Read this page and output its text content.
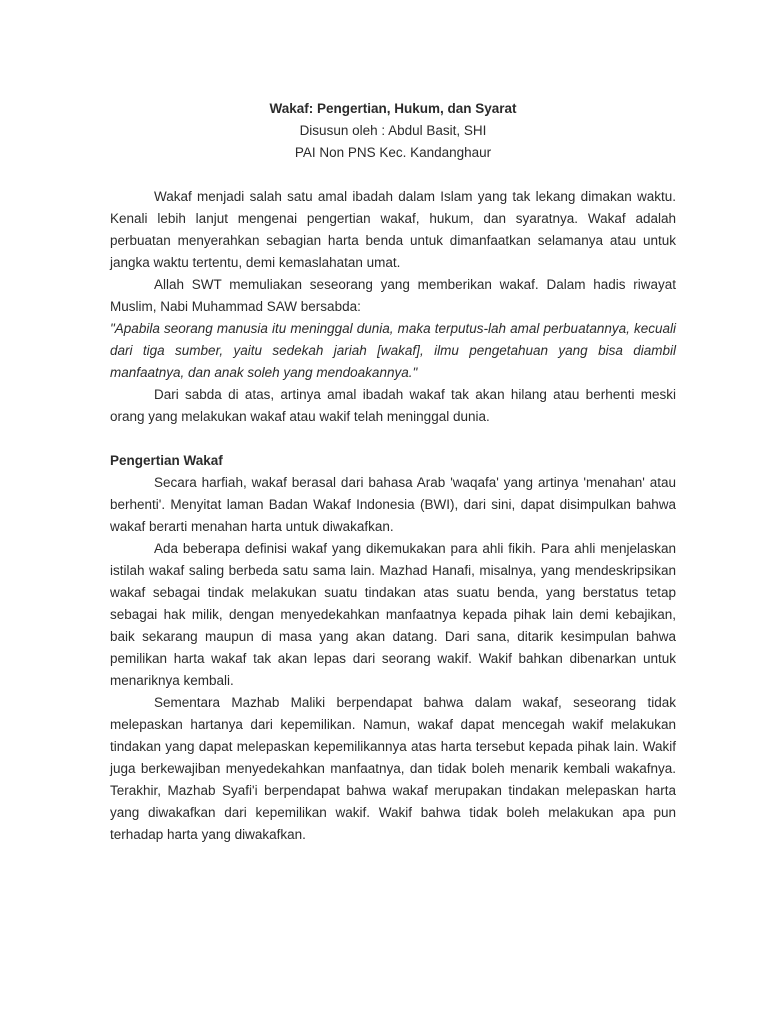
Wakaf: Pengertian, Hukum, dan Syarat
Disusun oleh : Abdul Basit, SHI
PAI Non PNS Kec. Kandanghaur

Wakaf menjadi salah satu amal ibadah dalam Islam yang tak lekang dimakan waktu. Kenali lebih lanjut mengenai pengertian wakaf, hukum, dan syaratnya. Wakaf adalah perbuatan menyerahkan sebagian harta benda untuk dimanfaatkan selamanya atau untuk jangka waktu tertentu, demi kemaslahatan umat.

Allah SWT memuliakan seseorang yang memberikan wakaf. Dalam hadis riwayat Muslim, Nabi Muhammad SAW bersabda:

"Apabila seorang manusia itu meninggal dunia, maka terputus-lah amal perbuatannya, kecuali dari tiga sumber, yaitu sedekah jariah [wakaf], ilmu pengetahuan yang bisa diambil manfaatnya, dan anak soleh yang mendoakannya."

Dari sabda di atas, artinya amal ibadah wakaf tak akan hilang atau berhenti meski orang yang melakukan wakaf atau wakif telah meninggal dunia.

Pengertian Wakaf

Secara harfiah, wakaf berasal dari bahasa Arab 'waqafa' yang artinya 'menahan' atau berhenti'. Menyitat laman Badan Wakaf Indonesia (BWI), dari sini, dapat disimpulkan bahwa wakaf berarti menahan harta untuk diwakafkan.

Ada beberapa definisi wakaf yang dikemukakan para ahli fikih. Para ahli menjelaskan istilah wakaf saling berbeda satu sama lain. Mazhad Hanafi, misalnya, yang mendeskripsikan wakaf sebagai tindak melakukan suatu tindakan atas suatu benda, yang berstatus tetap sebagai hak milik, dengan menyedekahkan manfaatnya kepada pihak lain demi kebajikan, baik sekarang maupun di masa yang akan datang. Dari sana, ditarik kesimpulan bahwa pemilikan harta wakaf tak akan lepas dari seorang wakif. Wakif bahkan dibenarkan untuk menariknya kembali.

Sementara Mazhab Maliki berpendapat bahwa dalam wakaf, seseorang tidak melepaskan hartanya dari kepemilikan. Namun, wakaf dapat mencegah wakif melakukan tindakan yang dapat melepaskan kepemilikannya atas harta tersebut kepada pihak lain. Wakif juga berkewajiban menyedekahkan manfaatnya, dan tidak boleh menarik kembali wakafnya. Terakhir, Mazhab Syafi'i berpendapat bahwa wakaf merupakan tindakan melepaskan harta yang diwakafkan dari kepemilikan wakif. Wakif bahwa tidak boleh melakukan apa pun terhadap harta yang diwakafkan.
